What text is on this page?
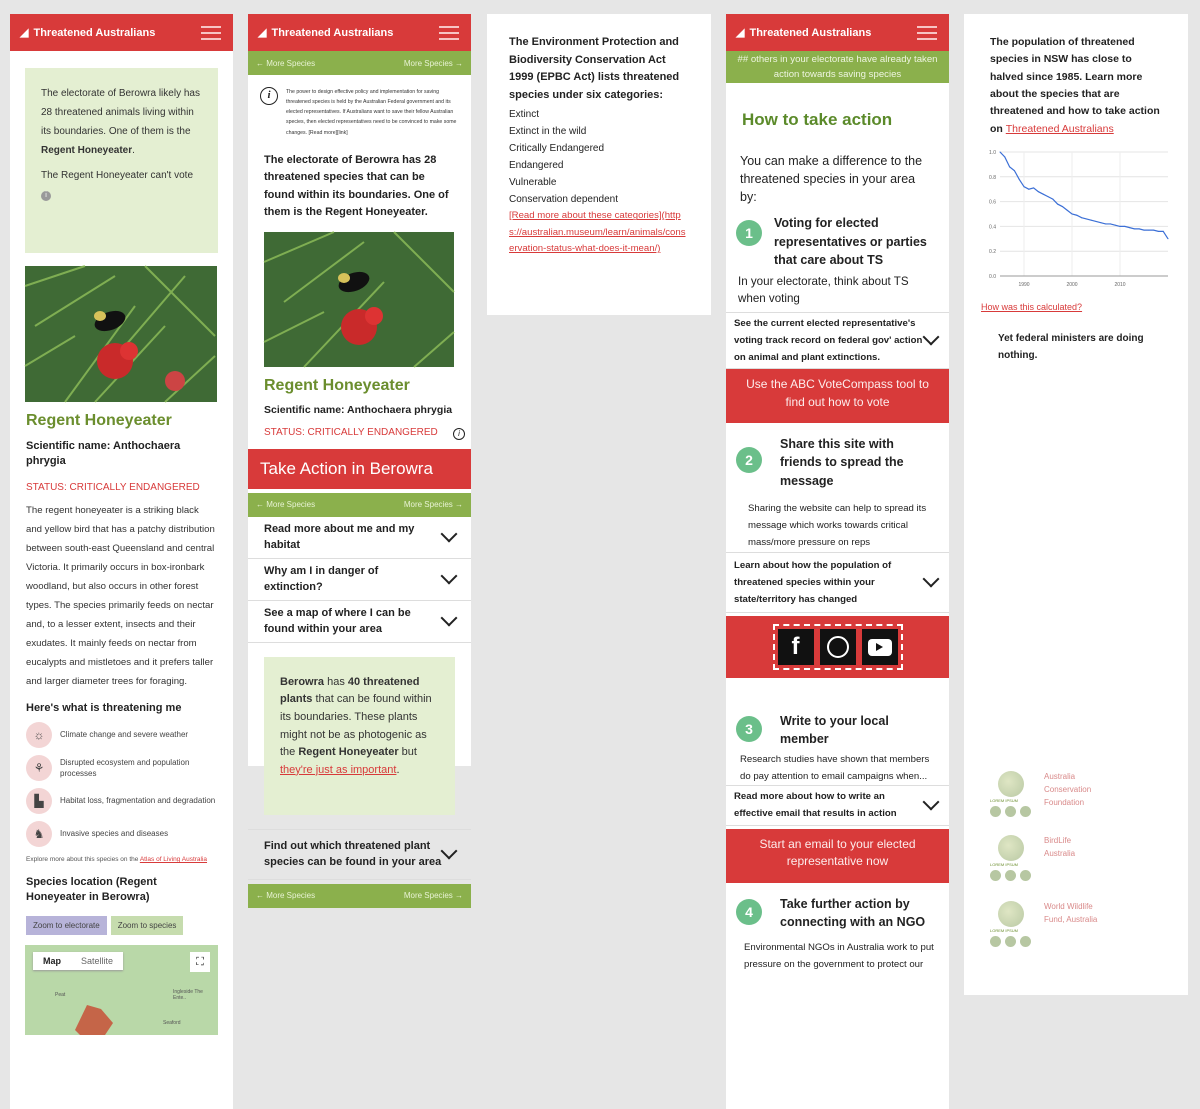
◢ Threatened Australians
The electorate of Berowra likely has 28 threatened animals living within its boundaries. One of them is the Regent Honeyeater.
The Regent Honeyeater can't vote i
Regent Honeyeater
Scientific name: Anthochaera phrygia
STATUS: CRITICALLY ENDANGERED
The regent honeyeater is a striking black and yellow bird that has a patchy distribution between south-east Queensland and central Victoria. It primarily occurs in box-ironbark woodland, but also occurs in other forest types. The species primarily feeds on nectar and, to a lesser extent, insects and their exudates. It mainly feeds on nectar from eucalypts and mistletoes and it prefers taller and larger diameter trees for foraging.
Here's what is threatening me
☼	Climate change and severe weather
⚘	Disrupted ecosystem and population processes
▙	Habitat loss, fragmentation and degradation
♞	Invasive species and diseases
Explore more about this species on the Atlas of Living Australia
Species location (Regent Honeyeater in Berowra)
Zoom to electorate	Zoom to species
Map	Satellite	⛶
Peat	Ingleside The Ente..
Seaford
◢ Threatened Australians
← More Species	More Species →
i	The power to design effective policy and implementation for saving threatened species is held by the Australian Federal government and its elected representatives. If Australians want to save their fellow Australian species, then elected representatives need to be convinced to make some changes. [Read more][link]
The electorate of Berowra has 28 threatened species that can be found within its boundaries. One of them is the Regent Honeyeater.
Regent Honeyeater
Scientific name: Anthochaera phrygia
STATUS: CRITICALLY ENDANGERED	i
Take Action in Berowra
← More Species	More Species →
Read more about me and my habitat
Why am I in danger of extinction?
See a map of where I can be found within your area
Berowra has 40 threatened plants that can be found within its boundaries. These plants might not be as photogenic as the Regent Honeyeater but they're just as important.
Find out which threatened plant species can be found in your area
← More Species	More Species →
The Environment Protection and Biodiversity Conservation Act 1999 (EPBC Act) lists threatened species under six categories:
Extinct
Extinct in the wild
Critically Endangered
Endangered
Vulnerable
Conservation dependent
[Read more about these categories](https://australian.museum/learn/animals/conservation-status-what-does-it-mean/)
◢ Threatened Australians
## others in your electorate have already taken action towards saving species
How to take action
You can make a difference to the threatened species in your area by:
1
Voting for elected representatives or parties that care about TS
In your electorate, think about TS when voting
See the current elected representative's voting track record on federal gov' action on animal and plant extinctions.
Use the ABC VoteCompass tool to find out how to vote
2
Share this site with friends to spread the message
Sharing the website can help to spread its message which works towards critical mass/more pressure on reps
Learn about how the population of threatened species within your state/territory has changed
f
3	Write to your local member
Research studies have shown that members do pay attention to email campaigns when...
Read more about how to write an effective email that results in action
Start an email to your elected representative now
4	Take further action by connecting with an NGO
Environmental NGOs in Australia work to put pressure on the government to protect our
The population of threatened species in NSW has close to halved since 1985. Learn more about the species that are threatened and how to take action on Threatened Australians
0.0
0.2
0.4
0.6
0.8
1.0
1990	2000	2010
How was this calculated?
Yet federal ministers are doing nothing.
LOREM IPSUM
Australia Conservation Foundation
LOREM IPSUM
BirdLife Australia
LOREM IPSUM
World Wildlife Fund, Australia
